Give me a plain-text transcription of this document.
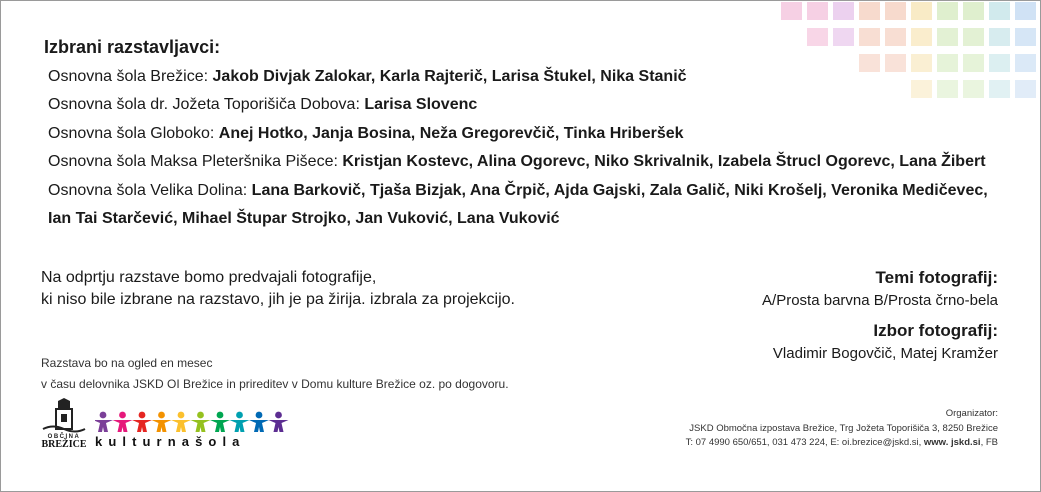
Izbrani razstavljavci:
Osnovna šola Brežice: Jakob Divjak Zalokar, Karla Rajterič, Larisa Štukel, Nika Stanič
Osnovna šola dr. Jožeta Toporišiča Dobova: Larisa Slovenc
Osnovna šola Globoko: Anej Hotko, Janja Bosina, Neža Gregorevčič, Tinka Hriberšek
Osnovna šola Maksa Pleteršnika Pišece: Kristjan Kostevc, Alina Ogorevc, Niko Skrivalnik, Izabela Štrucl Ogorevc, Lana Žibert
Osnovna šola Velika Dolina: Lana Barkovič, Tjaša Bizjak, Ana Črpič, Ajda Gajski, Zala Galič, Niki Krošelj, Veronika Medičevec,
Ian Tai Starčević, Mihael Štupar Strojko, Jan Vuković, Lana Vuković
Na odprtju razstave bomo predvajali fotografije,
ki niso bile izbrane na razstavo, jih je pa žirija. izbrala za projekcijo.
Temi fotografij:
A/Prosta barvna B/Prosta črno-bela
Izbor fotografij:
Vladimir Bogovčič, Matej Kramžer
Razstava bo na ogled en mesec
v času delovnika JSKD OI Brežice in prireditev v Domu kulture Brežice oz. po dogovoru.
OBČINA
BREŽICE kulturnašola
Organizator:
JSKD Območna izpostava Brežice, Trg Jožeta Toporišiča 3, 8250 Brežice
T: 07 4990 650/651, 031 473 224, E: oi.brezice@jskd.si, www. jskd.si, FB
